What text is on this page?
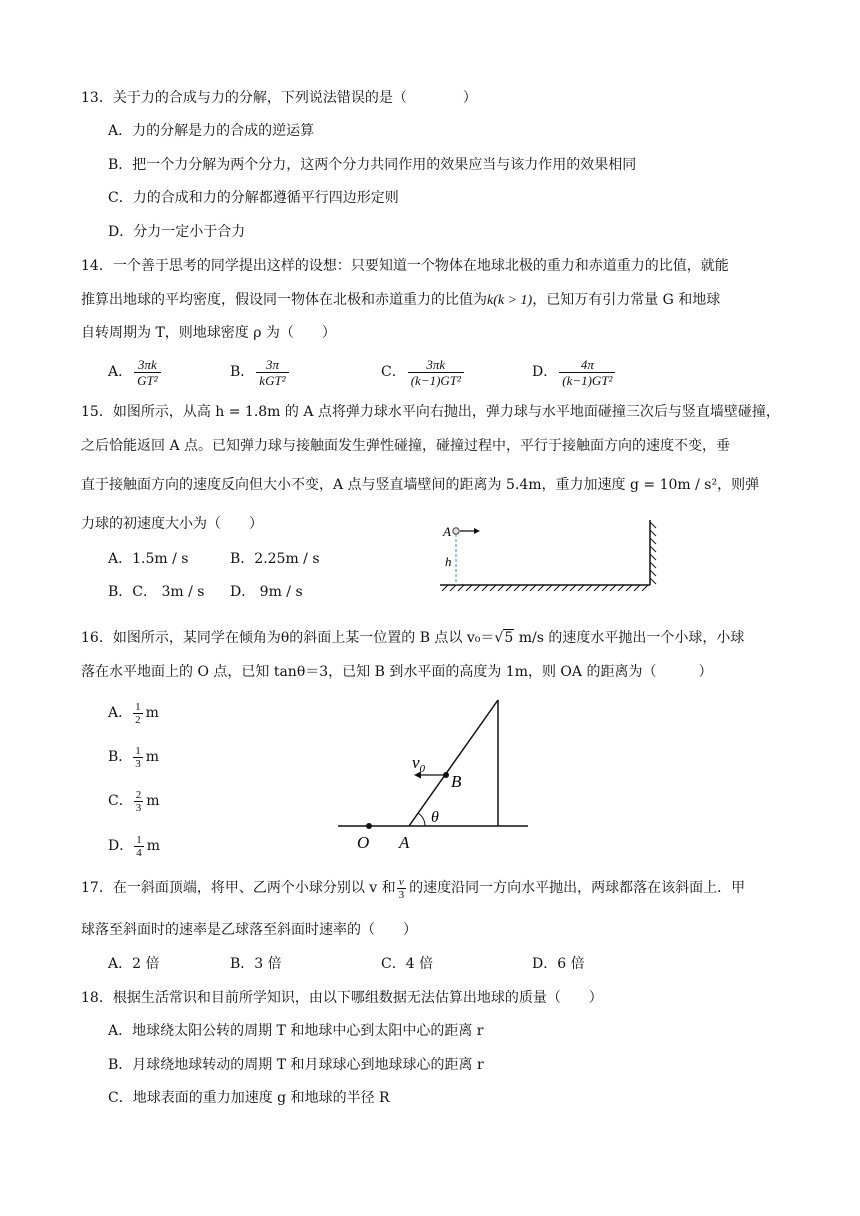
13．关于力的合成与力的分解，下列说法错误的是（　　　　）
A．力的分解是力的合成的逆运算
B．把一个力分解为两个分力，这两个分力共同作用的效果应当与该力作用的效果相同
C．力的合成和力的分解都遵循平行四边形定则
D．分力一定小于合力
14．一个善于思考的同学提出这样的设想：只要知道一个物体在地球北极的重力和赤道重力的比值，就能
推算出地球的平均密度，假设同一物体在北极和赤道重力的比值为k(k > 1)，已知万有引力常量 G 和地球
自转周期为 T，则地球密度 ρ 为（　　）
A． $\frac{3\pi k}{\text{GT²}}$	B． 3π
kGT²	C． $\frac{3\pi k}{\text{(k−1)GT²}}$	D． $\frac{4\pi}{\text{(k−1)GT²}}$
15．如图所示，从高 h = 1.8m 的 A 点将弹力球水平向右抛出，弹力球与水平地面碰撞三次后与竖直墙壁碰撞，
之后恰能返回 A 点。已知弹力球与接触面发生弹性碰撞，碰撞过程中，平行于接触面方向的速度不变，垂
直于接触面方向的速度反向但大小不变，A 点与竖直墙壁间的距离为 5.4m，重力加速度 g = 10m / s²，则弹
力球的初速度大小为（　　）
A．1.5m / s	B．2.25m / s
B．C． 3m / s D． 9m / s
A
h
16．如图所示，某同学在倾角为θ的斜面上某一位置的 B 点以 v₀＝√5 m/s 的速度水平抛出一个小球，小球
落在水平地面上的 O 点，已知 tanθ＝3，已知 B 到水平面的高度为 1m，则 OA 的距离为（　　　）
A． $\frac{1}{2}$ m
B． $\frac{1}{3}$ m
C． $\frac{2}{3}$ m
D． $\frac{1}{4}$ m
$v_0$
B
θ
O A
17．在一斜面顶端，将甲、乙两个小球分别以 v 和 $\frac{v}{3}$ 的速度沿同一方向水平抛出，两球都落在该斜面上．甲
球落至斜面时的速率是乙球落至斜面时速率的（　　）
A．2 倍	B．3 倍	C．4 倍	D．6 倍
18．根据生活常识和目前所学知识，由以下哪组数据无法估算出地球的质量（　　）
A．地球绕太阳公转的周期 T 和地球中心到太阳中心的距离 r
B．月球绕地球转动的周期 T 和月球球心到地球球心的距离 r
C．地球表面的重力加速度 g 和地球的半径 R
